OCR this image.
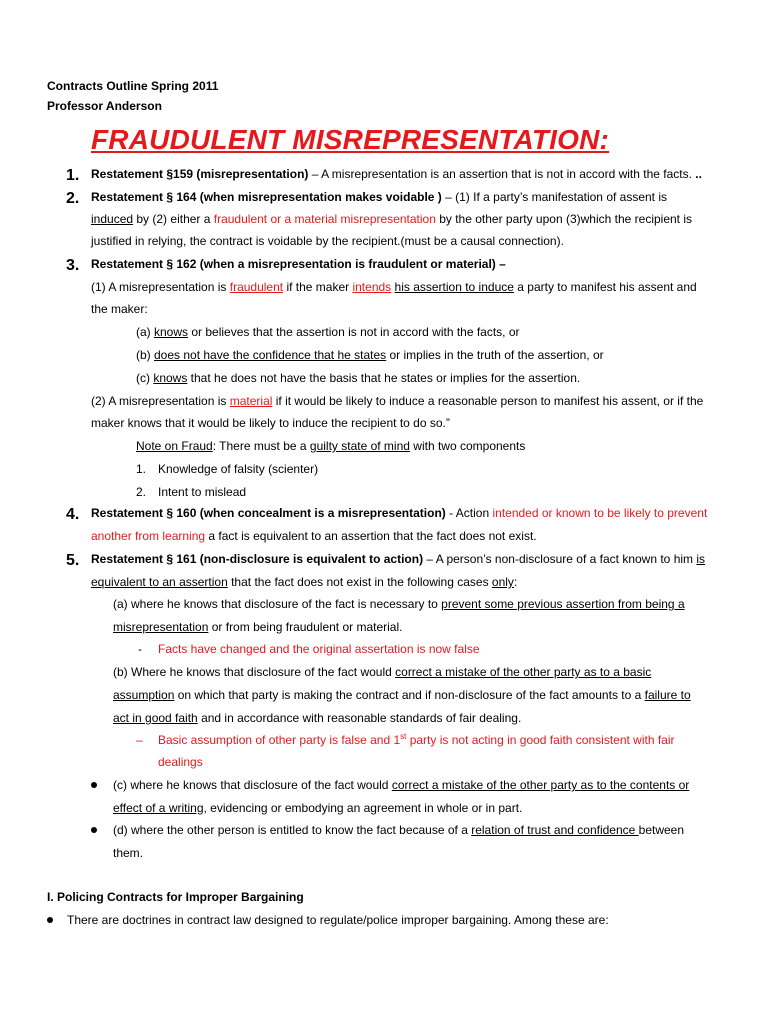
Contracts Outline Spring 2011
Professor Anderson
FRAUDULENT MISREPRESENTATION:
1. Restatement §159 (misrepresentation) – A misrepresentation is an assertion that is not in accord with the facts. ..
2. Restatement § 164 (when misrepresentation makes voidable ) – (1) If a party’s manifestation of assent is
induced by (2) either a fraudulent or a material misrepresentation by the other party upon (3)which the recipient is
justified in relying, the contract is voidable by the recipient.(must be a causal connection).
3. Restatement § 162 (when a misrepresentation is fraudulent or material) –
(1) A misrepresentation is fraudulent if the maker intends his assertion to induce a party to manifest his assent and
the maker:
(a) knows or believes that the assertion is not in accord with the facts, or
(b) does not have the confidence that he states or implies in the truth of the assertion, or
(c) knows that he does not have the basis that he states or implies for the assertion.
(2) A misrepresentation is material if it would be likely to induce a reasonable person to manifest his assent, or if the
maker knows that it would be likely to induce the recipient to do so.”
Note on Fraud: There must be a guilty state of mind with two components
1. Knowledge of falsity (scienter)
2. Intent to mislead
4. Restatement § 160 (when concealment is a misrepresentation) - Action intended or known to be likely to prevent
another from learning a fact is equivalent to an assertion that the fact does not exist.
5. Restatement § 161 (non-disclosure is equivalent to action) – A person’s non-disclosure of a fact known to him is
equivalent to an assertion that the fact does not exist in the following cases only:
(a) where he knows that disclosure of the fact is necessary to prevent some previous assertion from being a
misrepresentation or from being fraudulent or material.
- Facts have changed and the original assertation is now false
(b) Where he knows that disclosure of the fact would correct a mistake of the other party as to a basic
assumption on which that party is making the contract and if non-disclosure of the fact amounts to a failure to
act in good faith and in accordance with reasonable standards of fair dealing.
– Basic assumption of other party is false and 1st party is not acting in good faith consistent with fair
dealings
(c) where he knows that disclosure of the fact would correct a mistake of the other party as to the contents or
effect of a writing, evidencing or embodying an agreement in whole or in part.
(d) where the other person is entitled to know the fact because of a relation of trust and confidence between
them.
I. Policing Contracts for Improper Bargaining
There are doctrines in contract law designed to regulate/police improper bargaining. Among these are:
